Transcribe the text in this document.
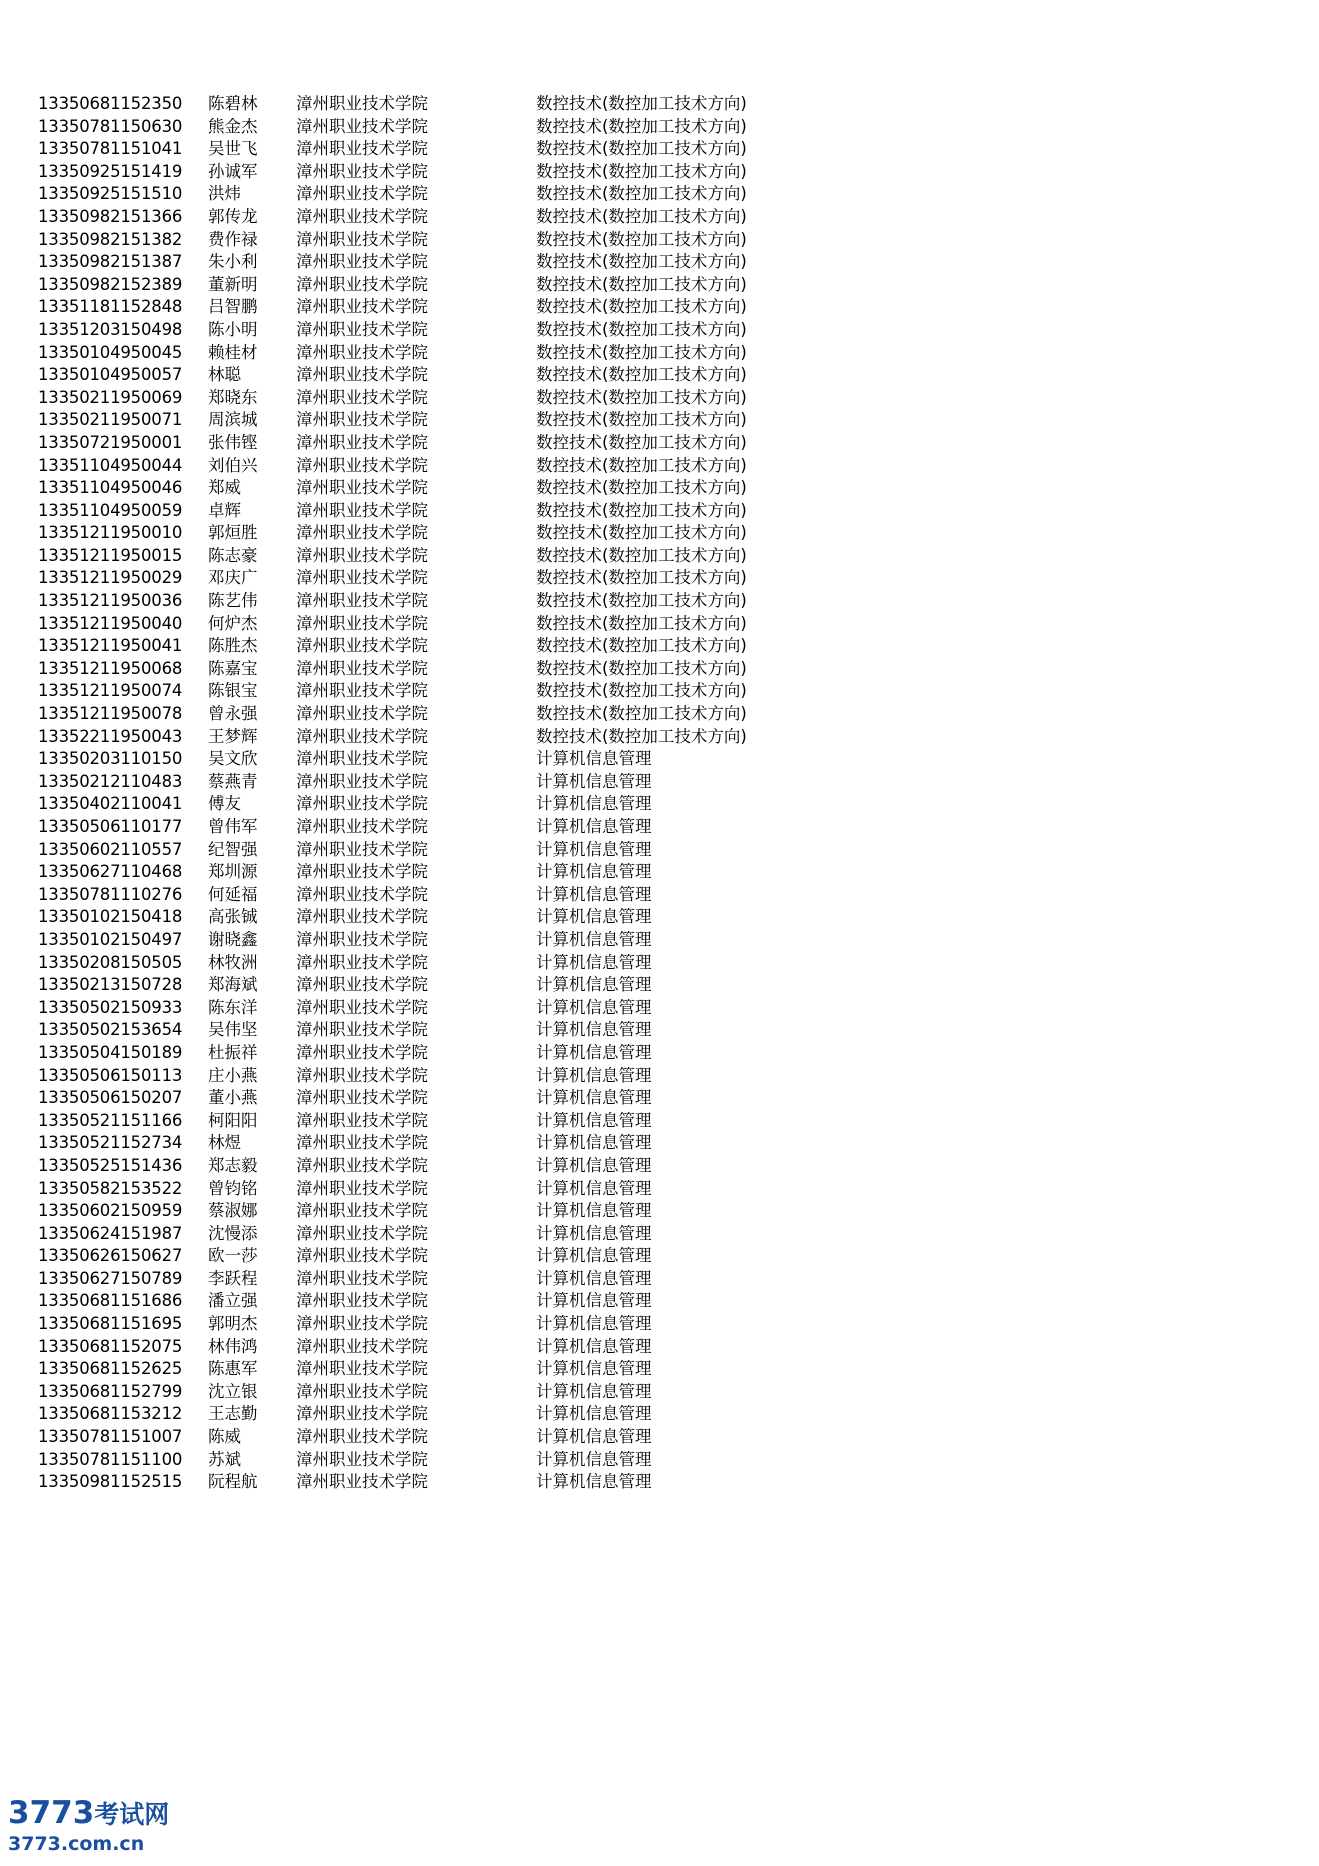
13350681152350	陈碧林	漳州职业技术学院	数控技术(数控加工技术方向)
13350781150630	熊金杰	漳州职业技术学院	数控技术(数控加工技术方向)
13350781151041	吴世飞	漳州职业技术学院	数控技术(数控加工技术方向)
13350925151419	孙诚军	漳州职业技术学院	数控技术(数控加工技术方向)
13350925151510	洪炜	漳州职业技术学院	数控技术(数控加工技术方向)
13350982151366	郭传龙	漳州职业技术学院	数控技术(数控加工技术方向)
13350982151382	费作禄	漳州职业技术学院	数控技术(数控加工技术方向)
13350982151387	朱小利	漳州职业技术学院	数控技术(数控加工技术方向)
13350982152389	董新明	漳州职业技术学院	数控技术(数控加工技术方向)
13351181152848	吕智鹏	漳州职业技术学院	数控技术(数控加工技术方向)
13351203150498	陈小明	漳州职业技术学院	数控技术(数控加工技术方向)
13350104950045	赖桂材	漳州职业技术学院	数控技术(数控加工技术方向)
13350104950057	林聪	漳州职业技术学院	数控技术(数控加工技术方向)
13350211950069	郑晓东	漳州职业技术学院	数控技术(数控加工技术方向)
13350211950071	周滨城	漳州职业技术学院	数控技术(数控加工技术方向)
13350721950001	张伟铿	漳州职业技术学院	数控技术(数控加工技术方向)
13351104950044	刘伯兴	漳州职业技术学院	数控技术(数控加工技术方向)
13351104950046	郑威	漳州职业技术学院	数控技术(数控加工技术方向)
13351104950059	卓辉	漳州职业技术学院	数控技术(数控加工技术方向)
13351211950010	郭烜胜	漳州职业技术学院	数控技术(数控加工技术方向)
13351211950015	陈志豪	漳州职业技术学院	数控技术(数控加工技术方向)
13351211950029	邓庆广	漳州职业技术学院	数控技术(数控加工技术方向)
13351211950036	陈艺伟	漳州职业技术学院	数控技术(数控加工技术方向)
13351211950040	何炉杰	漳州职业技术学院	数控技术(数控加工技术方向)
13351211950041	陈胜杰	漳州职业技术学院	数控技术(数控加工技术方向)
13351211950068	陈嘉宝	漳州职业技术学院	数控技术(数控加工技术方向)
13351211950074	陈银宝	漳州职业技术学院	数控技术(数控加工技术方向)
13351211950078	曾永强	漳州职业技术学院	数控技术(数控加工技术方向)
13352211950043	王梦辉	漳州职业技术学院	数控技术(数控加工技术方向)
13350203110150	吴文欣	漳州职业技术学院	计算机信息管理
13350212110483	蔡燕青	漳州职业技术学院	计算机信息管理
13350402110041	傅友	漳州职业技术学院	计算机信息管理
13350506110177	曾伟军	漳州职业技术学院	计算机信息管理
13350602110557	纪智强	漳州职业技术学院	计算机信息管理
13350627110468	郑圳源	漳州职业技术学院	计算机信息管理
13350781110276	何延福	漳州职业技术学院	计算机信息管理
13350102150418	高张铖	漳州职业技术学院	计算机信息管理
13350102150497	谢晓鑫	漳州职业技术学院	计算机信息管理
13350208150505	林牧洲	漳州职业技术学院	计算机信息管理
13350213150728	郑海斌	漳州职业技术学院	计算机信息管理
13350502150933	陈东洋	漳州职业技术学院	计算机信息管理
13350502153654	吴伟坚	漳州职业技术学院	计算机信息管理
13350504150189	杜振祥	漳州职业技术学院	计算机信息管理
13350506150113	庄小燕	漳州职业技术学院	计算机信息管理
13350506150207	董小燕	漳州职业技术学院	计算机信息管理
13350521151166	柯阳阳	漳州职业技术学院	计算机信息管理
13350521152734	林煜	漳州职业技术学院	计算机信息管理
13350525151436	郑志毅	漳州职业技术学院	计算机信息管理
13350582153522	曾钧铭	漳州职业技术学院	计算机信息管理
13350602150959	蔡淑娜	漳州职业技术学院	计算机信息管理
13350624151987	沈慢添	漳州职业技术学院	计算机信息管理
13350626150627	欧一莎	漳州职业技术学院	计算机信息管理
13350627150789	李跃程	漳州职业技术学院	计算机信息管理
13350681151686	潘立强	漳州职业技术学院	计算机信息管理
13350681151695	郭明杰	漳州职业技术学院	计算机信息管理
13350681152075	林伟鸿	漳州职业技术学院	计算机信息管理
13350681152625	陈惠军	漳州职业技术学院	计算机信息管理
13350681152799	沈立银	漳州职业技术学院	计算机信息管理
13350681153212	王志勤	漳州职业技术学院	计算机信息管理
13350781151007	陈威	漳州职业技术学院	计算机信息管理
13350781151100	苏斌	漳州职业技术学院	计算机信息管理
13350981152515	阮程航	漳州职业技术学院	计算机信息管理
3773考试网
3773.com.cn
